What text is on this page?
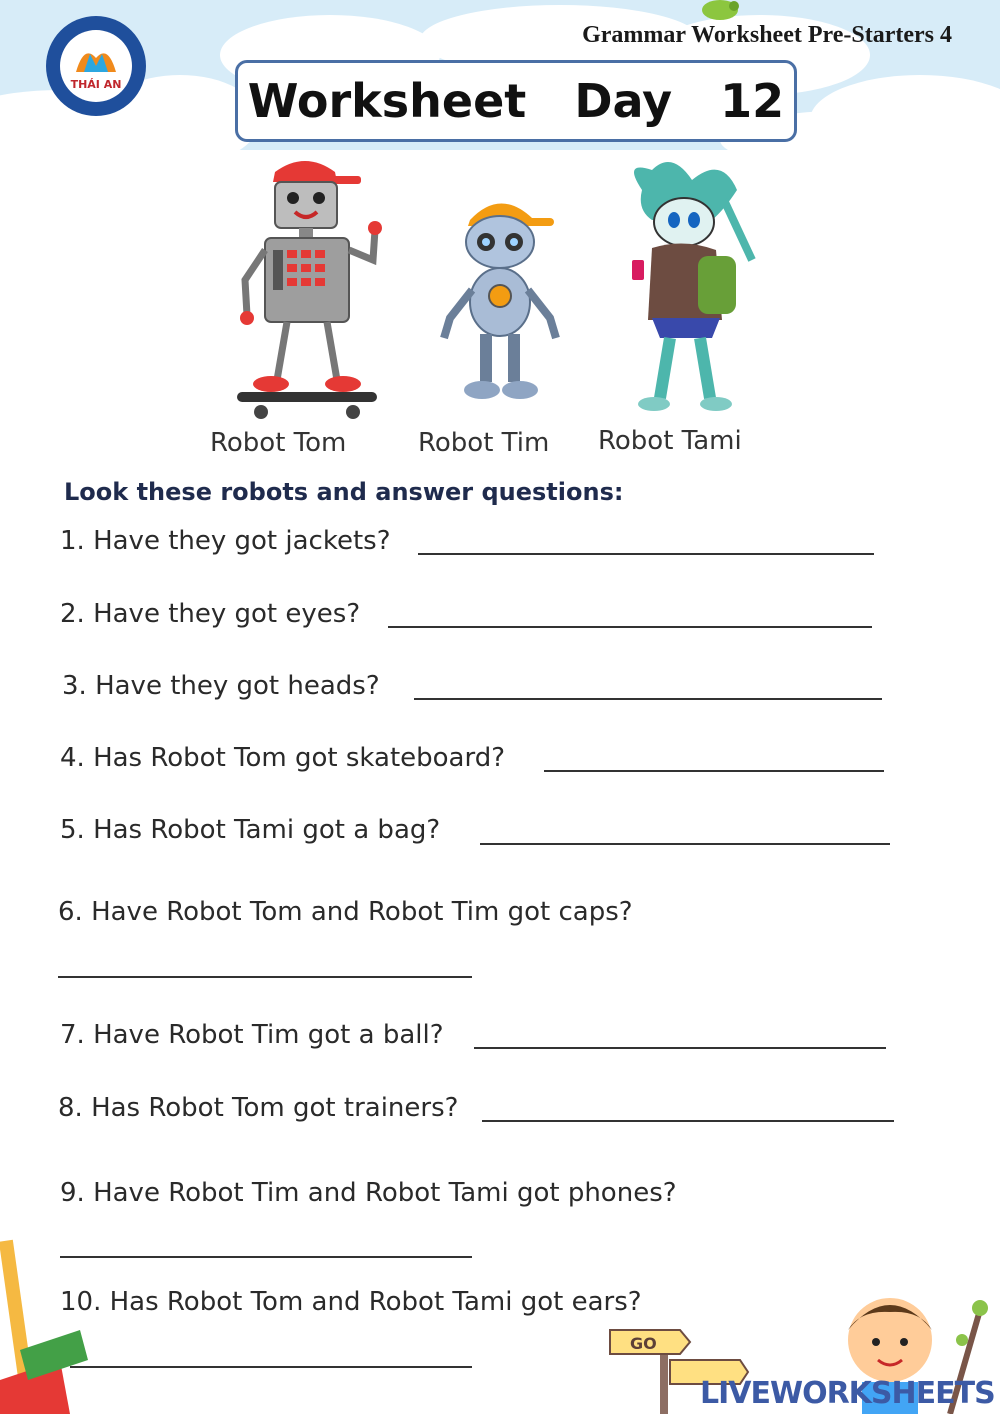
THÁI AN
Grammar Worksheet Pre-Starters 4
Worksheet   Day   12
Robot Tom	Robot Tim Robot Tami
Look these robots and answer questions:
1. Have they got jackets?
2. Have they got eyes?
3. Have they got heads?
4. Has Robot Tom got skateboard?
5. Has Robot Tami got a bag?
6. Have Robot Tom and Robot Tim got caps?
7. Have Robot Tim got a ball?
8. Has Robot Tom got trainers?
9. Have Robot Tim and Robot Tami got phones?
10. Has Robot Tom and Robot Tami got ears?
GO
LIVEWORKSHEETS
